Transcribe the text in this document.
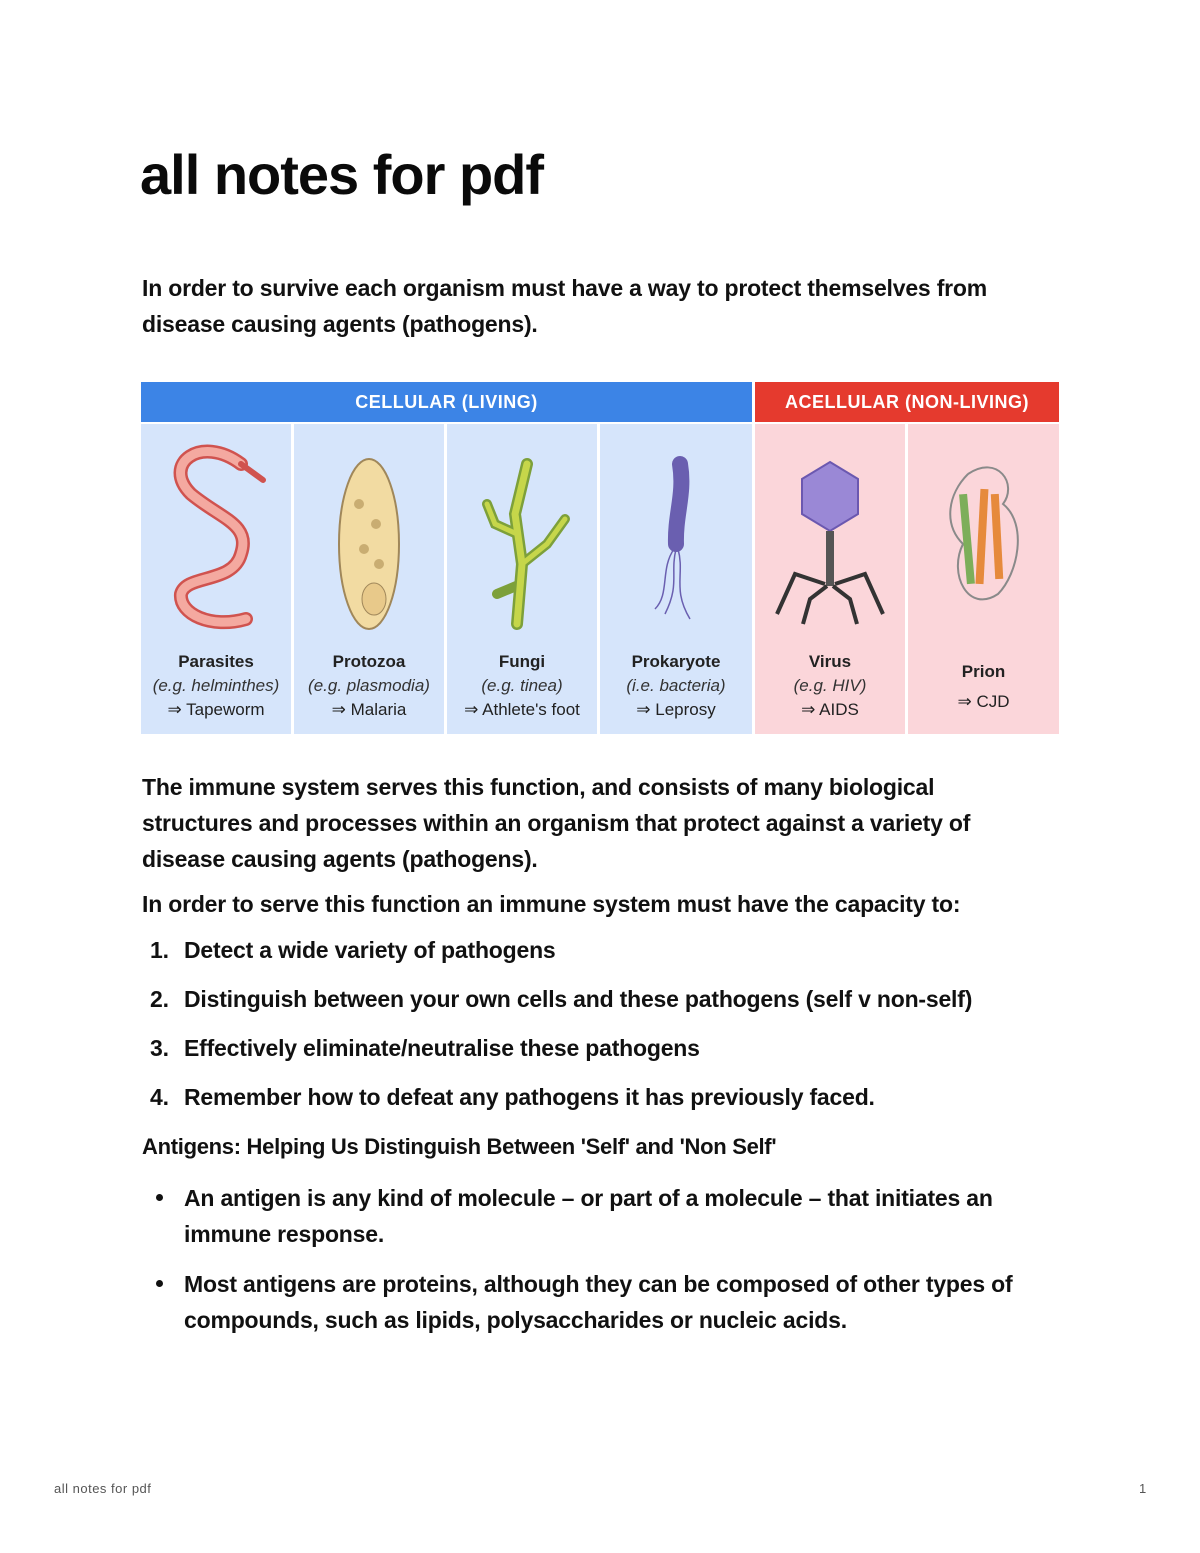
all notes for pdf

In order to survive each organism must have a way to protect themselves from disease causing agents (pathogens).

CELLULAR (LIVING)	ACELLULAR (NON-LIVING)
Parasites
(e.g. helminthes)
⇒ Tapeworm
Protozoa
(e.g. plasmodia)
⇒ Malaria
Fungi
(e.g. tinea)
⇒ Athlete's foot
Prokaryote
(i.e. bacteria)
⇒ Leprosy
Virus
(e.g. HIV)
⇒ AIDS
Prion
⇒ CJD

The immune system serves this function, and consists of many biological structures and processes within an organism that protect against a variety of disease causing agents (pathogens).

In order to serve this function an immune system must have the capacity to:

1. Detect a wide variety of pathogens
2. Distinguish between your own cells and these pathogens (self v non-self)
3. Effectively eliminate/neutralise these pathogens
4. Remember how to defeat any pathogens it has previously faced.
Antigens: Helping Us Distinguish Between 'Self' and 'Non Self'
An antigen is any kind of molecule – or part of a molecule – that initiates an immune response.
Most antigens are proteins, although they can be composed of other types of compounds, such as lipids, polysaccharides or nucleic acids.
all notes for pdf	1
